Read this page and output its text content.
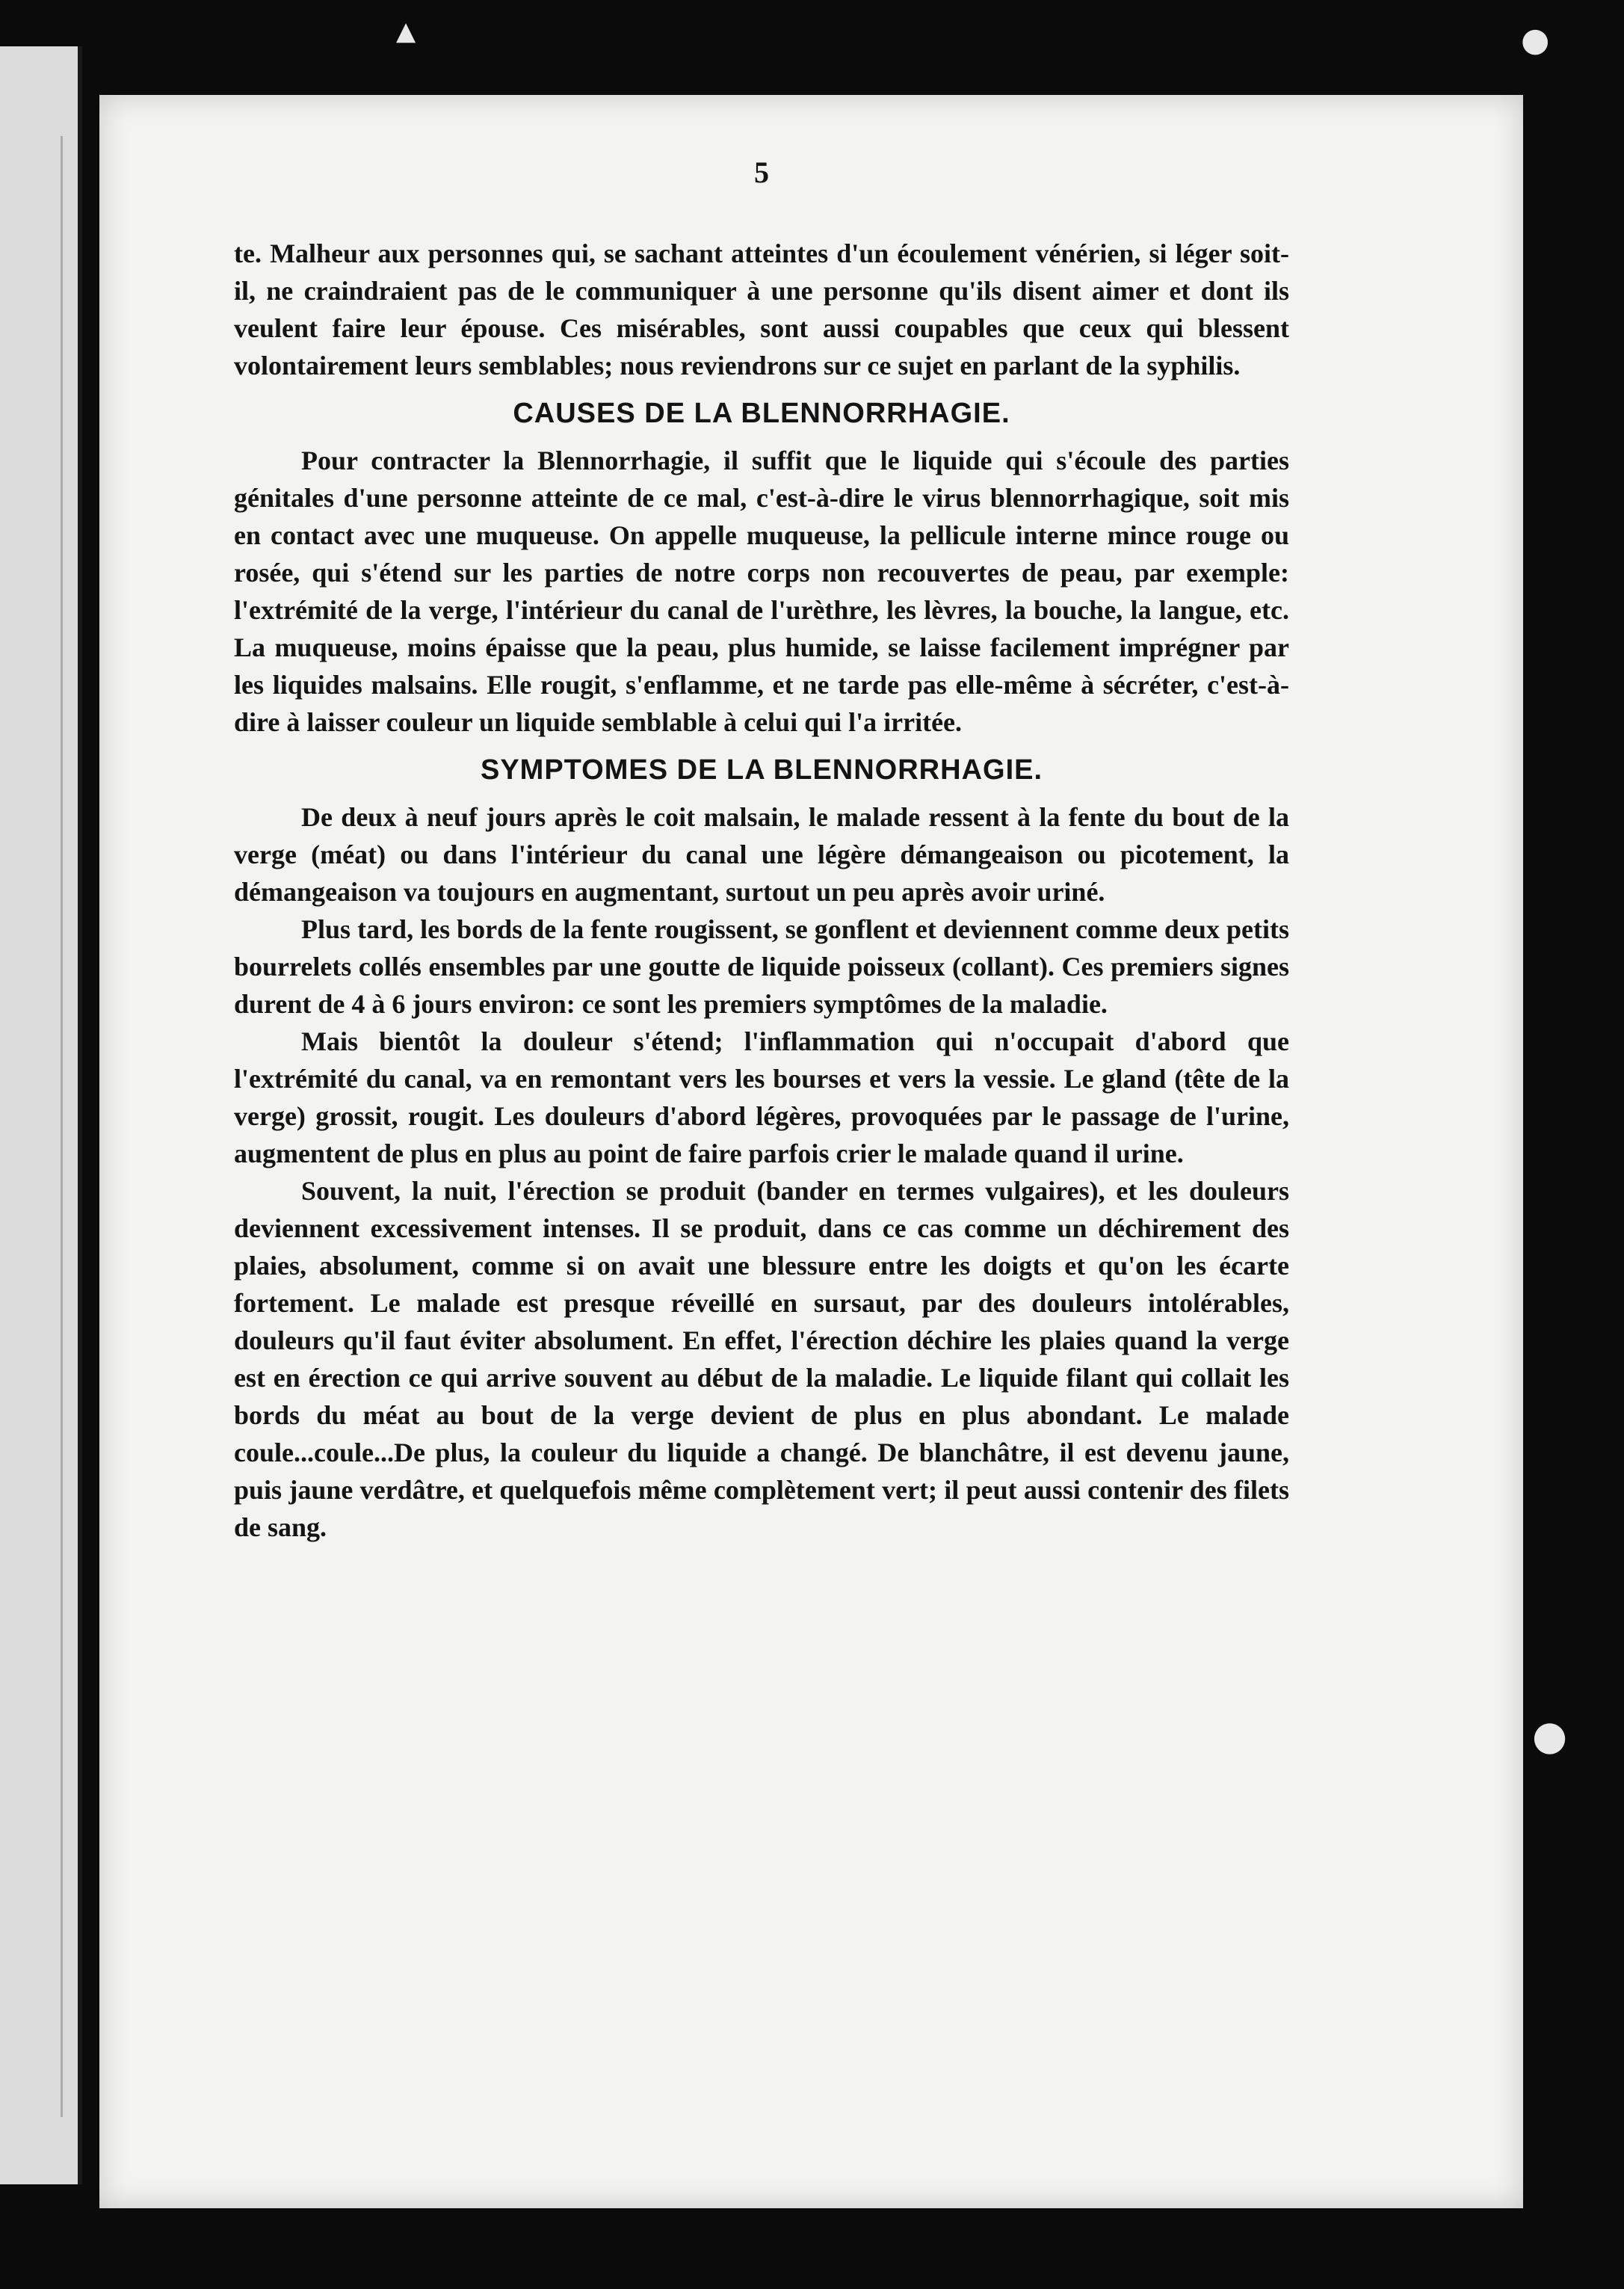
▲	●
●
5

te. Malheur aux personnes qui, se sachant atteintes d'un écoulement vénérien, si léger soit-il, ne craindraient pas de le communiquer à une personne qu'ils disent aimer et dont ils veulent faire leur épouse. Ces misérables, sont aussi coupables que ceux qui blessent volontairement leurs semblables; nous reviendrons sur ce sujet en parlant de la syphilis.

CAUSES DE LA BLENNORRHAGIE.

Pour contracter la Blennorrhagie, il suffit que le liquide qui s'écoule des parties génitales d'une personne atteinte de ce mal, c'est-à-dire le virus blennorrhagique, soit mis en contact avec une muqueuse. On appelle muqueuse, la pellicule interne mince rouge ou rosée, qui s'étend sur les parties de notre corps non recouvertes de peau, par exemple: l'extrémité de la verge, l'intérieur du canal de l'urèthre, les lèvres, la bouche, la langue, etc. La muqueuse, moins épaisse que la peau, plus humide, se laisse facilement imprégner par les liquides malsains. Elle rougit, s'enflamme, et ne tarde pas elle-même à sécréter, c'est-à-dire à laisser couleur un liquide semblable à celui qui l'a irritée.

SYMPTOMES DE LA BLENNORRHAGIE.

De deux à neuf jours après le coit malsain, le malade ressent à la fente du bout de la verge (méat) ou dans l'intérieur du canal une légère démangeaison ou picotement, la démangeaison va toujours en augmentant, surtout un peu après avoir uriné.

Plus tard, les bords de la fente rougissent, se gonflent et deviennent comme deux petits bourrelets collés ensembles par une goutte de liquide poisseux (collant). Ces premiers signes durent de 4 à 6 jours environ: ce sont les premiers symptômes de la maladie.

Mais bientôt la douleur s'étend; l'inflammation qui n'occupait d'abord que l'extrémité du canal, va en remontant vers les bourses et vers la vessie. Le gland (tête de la verge) grossit, rougit. Les douleurs d'abord légères, provoquées par le passage de l'urine, augmentent de plus en plus au point de faire parfois crier le malade quand il urine.

Souvent, la nuit, l'érection se produit (bander en termes vulgaires), et les douleurs deviennent excessivement intenses. Il se produit, dans ce cas comme un déchirement des plaies, absolument, comme si on avait une blessure entre les doigts et qu'on les écarte fortement. Le malade est presque réveillé en sursaut, par des douleurs intolérables, douleurs qu'il faut éviter absolument. En effet, l'érection déchire les plaies quand la verge est en érection ce qui arrive souvent au début de la maladie. Le liquide filant qui collait les bords du méat au bout de la verge devient de plus en plus abondant. Le malade coule...coule...De plus, la couleur du liquide a changé. De blanchâtre, il est devenu jaune, puis jaune verdâtre, et quelquefois même complètement vert; il peut aussi contenir des filets de sang.
